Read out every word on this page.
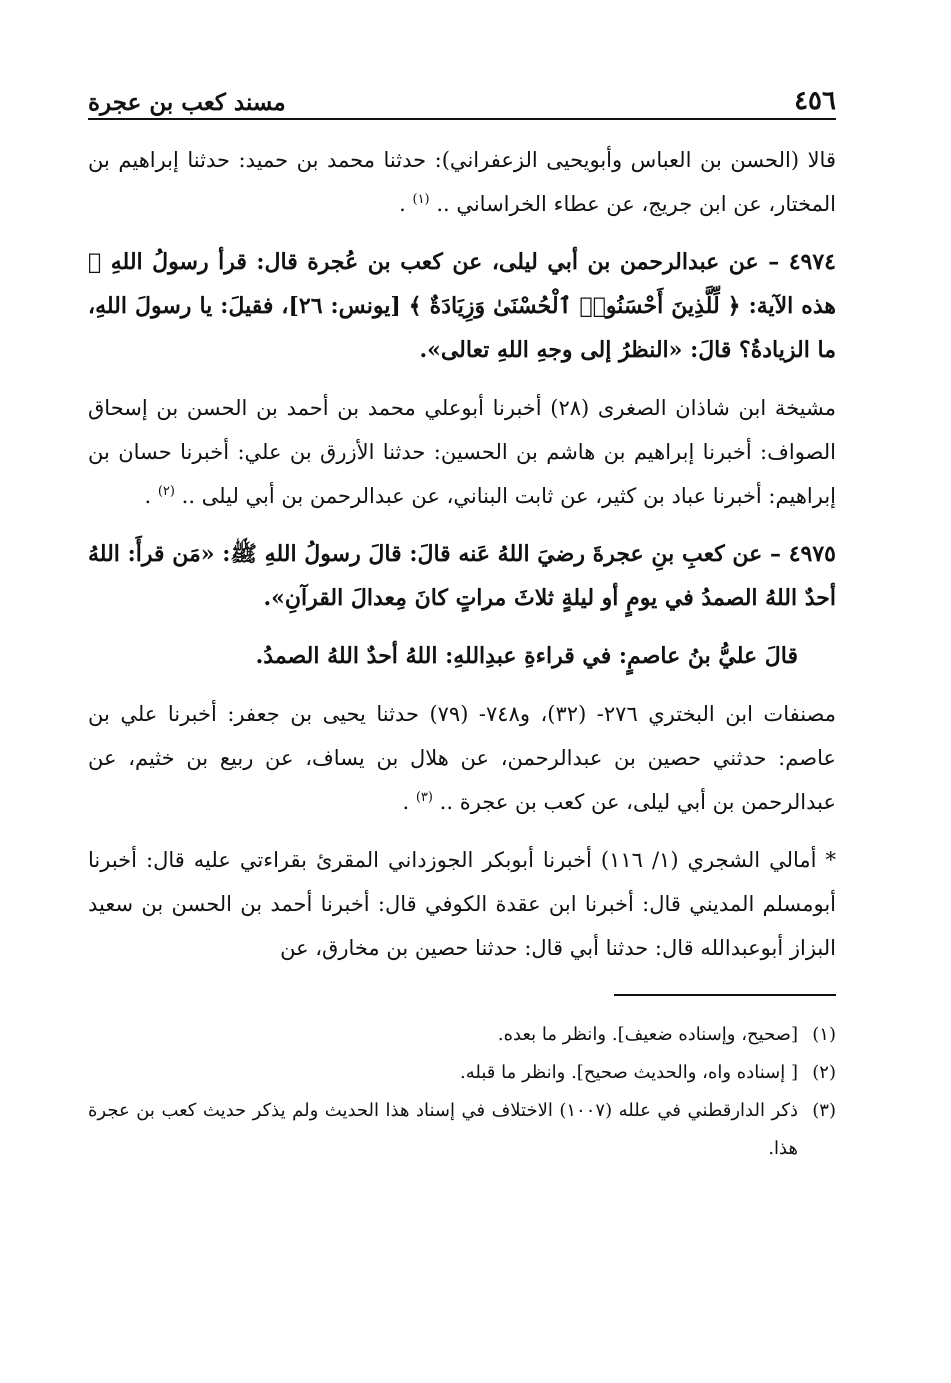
٤٥٦
مسند كعب بن عجرة

قالا (الحسن بن العباس وأبويحيى الزعفراني): حدثنا محمد بن حميد: حدثنا إبراهيم بن المختار، عن ابن جريج، عن عطاء الخراساني .. $^{(١)}$ .

٤٩٧٤ – عن عبدالرحمن بن أبي ليلى، عن كعب بن عُجرة قال: قرأ رسولُ اللهِ ﷺ هذه الآية: ﴿ لِّلَّذِينَ أَحْسَنُوا۟ ٱلْحُسْنَىٰ وَزِيَادَةٌ ﴾ [يونس: ٢٦]، فقيلَ: يا رسولَ اللهِ، ما الزيادةُ؟ قالَ: «النظرُ إلى وجهِ اللهِ تعالى».

مشيخة ابن شاذان الصغرى (٢٨) أخبرنا أبوعلي محمد بن أحمد بن الحسن بن إسحاق الصواف: أخبرنا إبراهيم بن هاشم بن الحسين: حدثنا الأزرق بن علي: أخبرنا حسان بن إبراهيم: أخبرنا عباد بن كثير، عن ثابت البناني، عن عبدالرحمن بن أبي ليلى .. $^{(٢)}$ .

٤٩٧٥ – عن كعبِ بنِ عجرةَ رضيَ اللهُ عَنه قالَ: قالَ رسولُ اللهِ ﷺ: «مَن قرأَ: اللهُ أحدٌ اللهُ الصمدُ في يومٍ أو ليلةٍ ثلاثَ مراتٍ كانَ مِعدالَ القرآنِ».

قالَ عليُّ بنُ عاصمٍ: في قراءةِ عبدِاللهِ: اللهُ أحدٌ اللهُ الصمدُ.

مصنفات ابن البختري ٢٧٦- (٣٢)، و٧٤٨- (٧٩) حدثنا يحيى بن جعفر: أخبرنا علي بن عاصم: حدثني حصين بن عبدالرحمن، عن هلال بن يساف، عن ربيع بن خثيم، عن عبدالرحمن بن أبي ليلى، عن كعب بن عجرة .. $^{(٣)}$ .

* أمالي الشجري (١/ ١١٦) أخبرنا أبوبكر الجوزداني المقرئ بقراءتي عليه قال: أخبرنا أبومسلم المديني قال: أخبرنا ابن عقدة الكوفي قال: أخبرنا أحمد بن الحسن بن سعيد البزاز أبوعبدالله قال: حدثنا أبي قال: حدثنا حصين بن مخارق، عن

(١)
[صحيح، وإسناده ضعيف]. وانظر ما بعده.
(٢)
[ إسناده واه، والحديث صحيح]. وانظر ما قبله.
(٣)
ذكر الدارقطني في علله (١٠٠٧) الاختلاف في إسناد هذا الحديث ولم يذكر حديث كعب بن عجرة هذا.
